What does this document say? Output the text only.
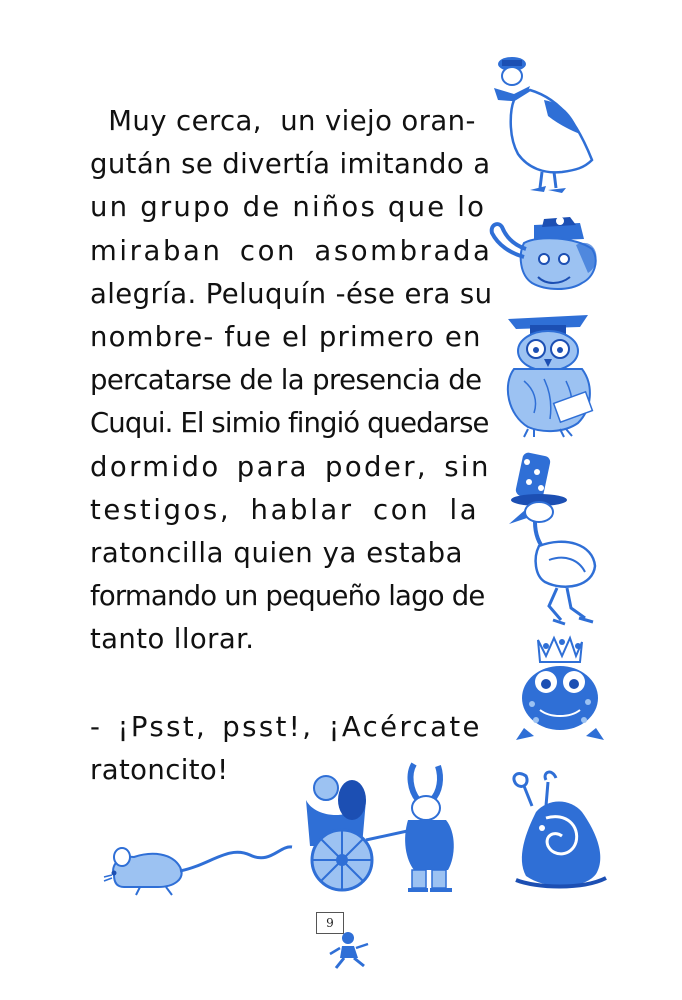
Muy cerca,  un viejo oran-
gután se divertía imitando a
un grupo de niños que lo
miraban con asombrada
alegría. Peluquín -ése era su
nombre- fue el primero en
percatarse de la presencia de
Cuqui. El simio fingió quedarse
dormido para poder, sin
testigos, hablar con la
ratoncilla quien ya estaba
formando un pequeño lago de
tanto llorar.
- ¡Psst, psst!, ¡Acércate
ratoncito!
9
